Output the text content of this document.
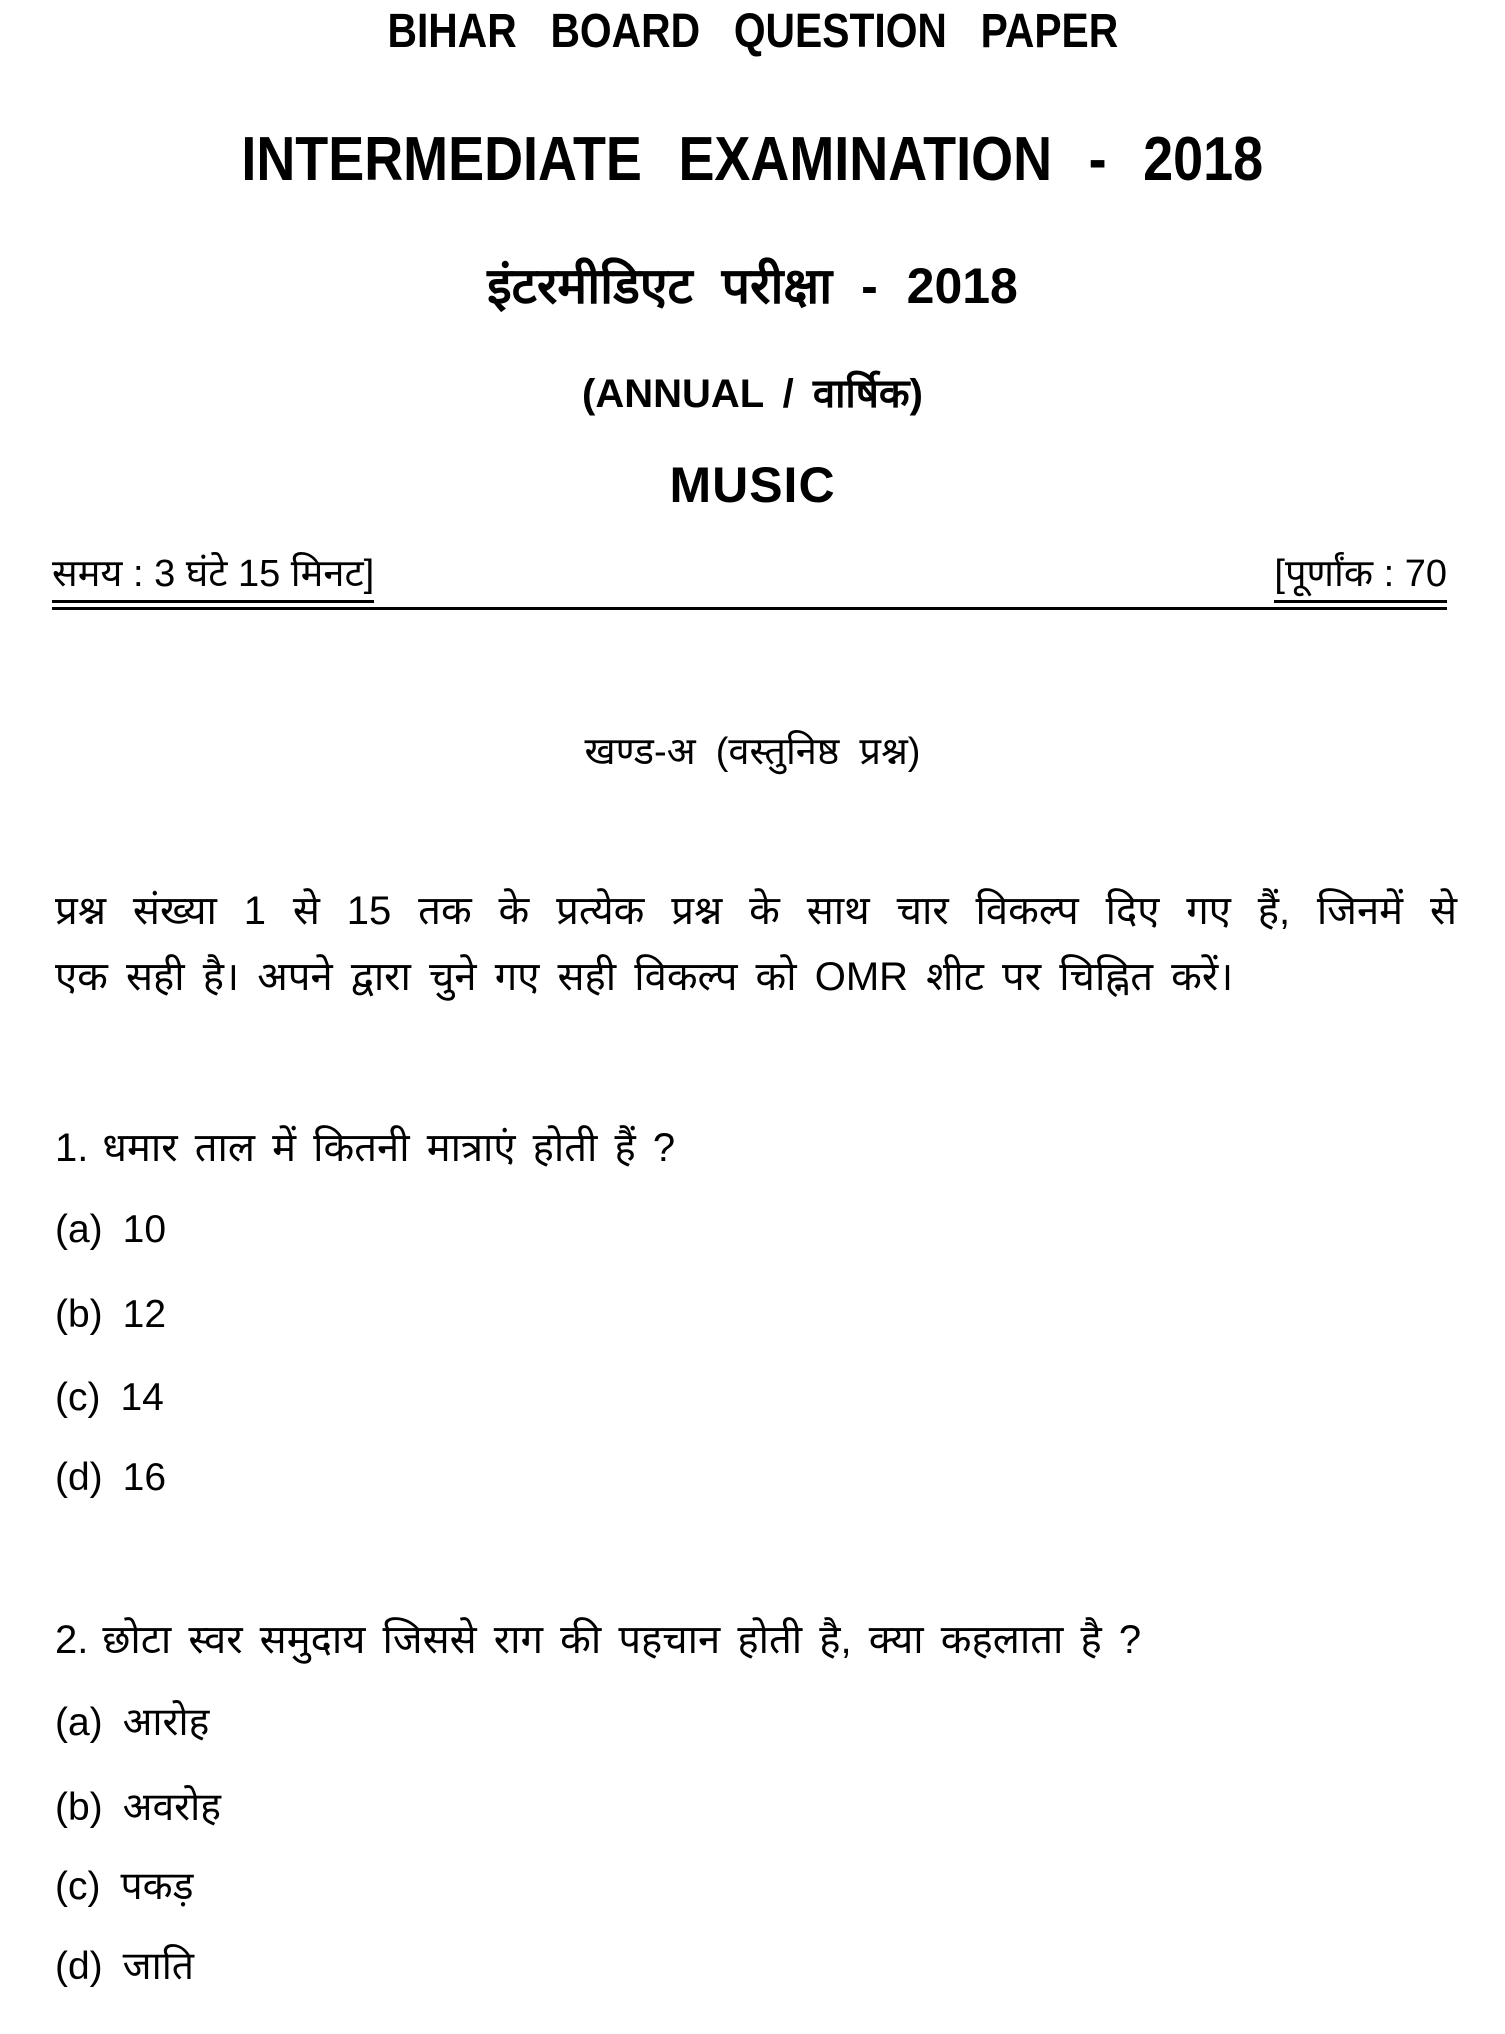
BIHAR BOARD QUESTION PAPER
INTERMEDIATE EXAMINATION - 2018
इंटरमीडिएट परीक्षा - 2018
(ANNUAL / वार्षिक)
MUSIC
समय : 3 घंटे 15 मिनट]	[पूर्णांक : 70
खण्ड-अ (वस्तुनिष्ठ प्रश्न)
प्रश्न संख्या 1 से 15 तक के प्रत्येक प्रश्न के साथ चार विकल्प दिए गए हैं, जिनमें से
एक सही है। अपने द्वारा चुने गए सही विकल्प को OMR शीट पर चिह्नित करें।
1. धमार ताल में कितनी मात्राएं होती हैं ?
(a) 10
(b) 12
(c) 14
(d) 16
2. छोटा स्वर समुदाय जिससे राग की पहचान होती है, क्या कहलाता है ?
(a) आरोह
(b) अवरोह
(c) पकड़
(d) जाति
